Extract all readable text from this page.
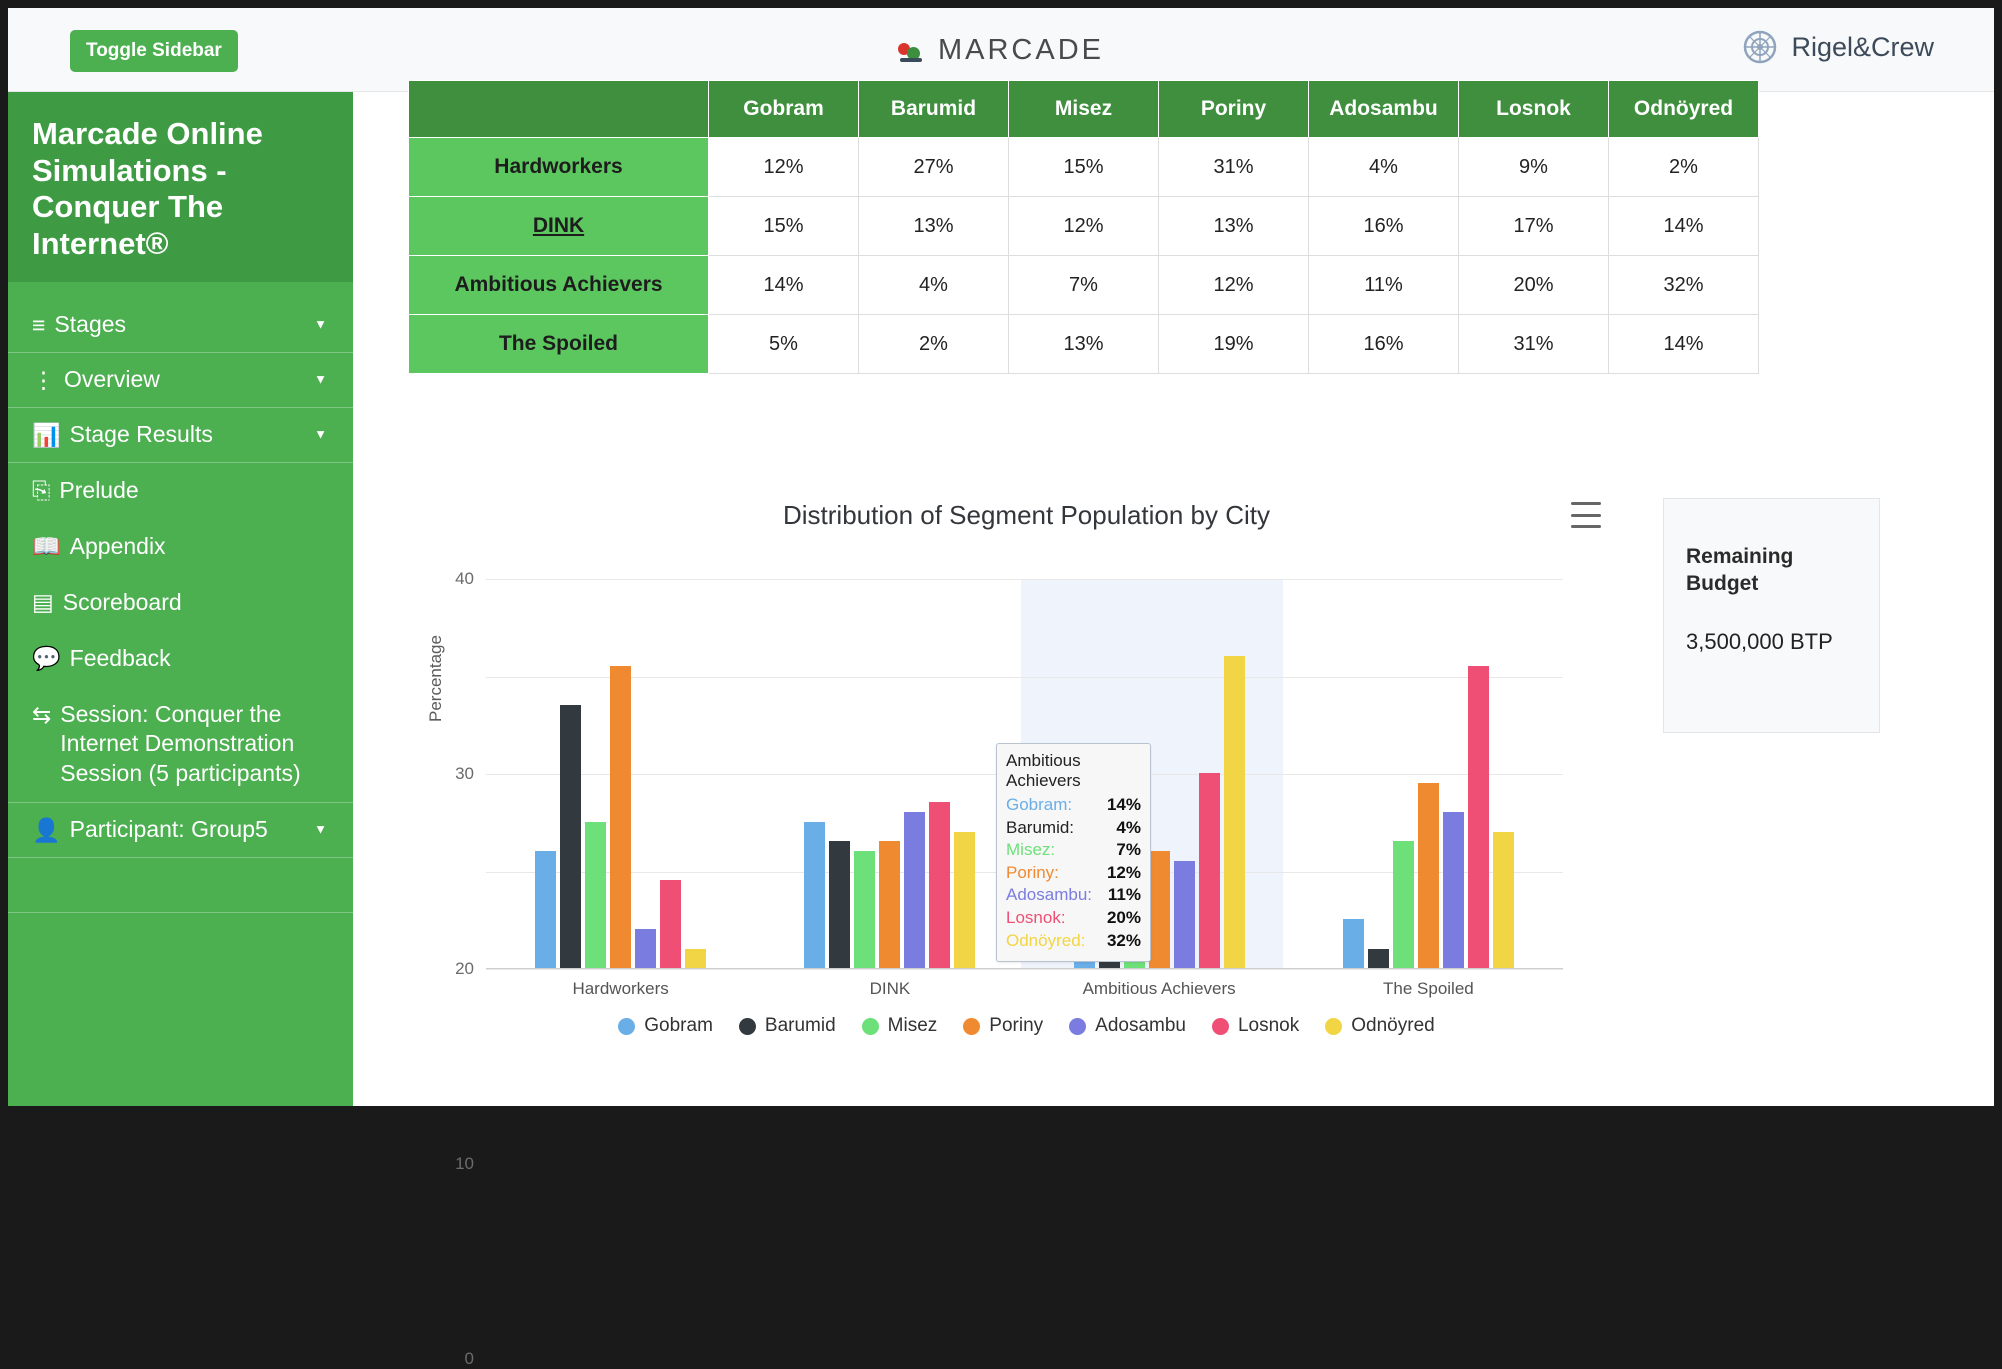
Toggle Sidebar	MARCADE	Rigel&Crew
Marcade Online Simulations - Conquer The Internet®
≡ Stages	▼
⋮ Overview	▼
📊 Stage Results	▼
⎘ Prelude
📖 Appendix
▤ Scoreboard
💬 Feedback
⇆ Session: Conquer the Internet Demonstration Session (5 participants)
👤 Participant: Group5	▼
	Gobram	Barumid	Misez	Poriny	Adosambu	Losnok	Odnöyred
Hardworkers	12%	27%	15%	31%	4%	9%	2%
DINK	15%	13%	12%	13%	16%	17%	14%
Ambitious Achievers	14%	4%	7%	12%	11%	20%	32%
The Spoiled	5%	2%	13%	19%	16%	31%	14%
Distribution of Segment Population by City
Percentage
0
10
20
30
40
Hardworkers	DINK	Ambitious Achievers	The Spoiled
Gobram	Barumid	Misez	Poriny	Adosambu	Losnok	Odnöyred
Ambitious Achievers
Gobram: 14%
Barumid: 4%
Misez:	7%
Poriny:	12%
Adosambu: 11%
Losnok: 20%
Odnöyred: 32%
Remaining Budget
3,500,000 BTP
